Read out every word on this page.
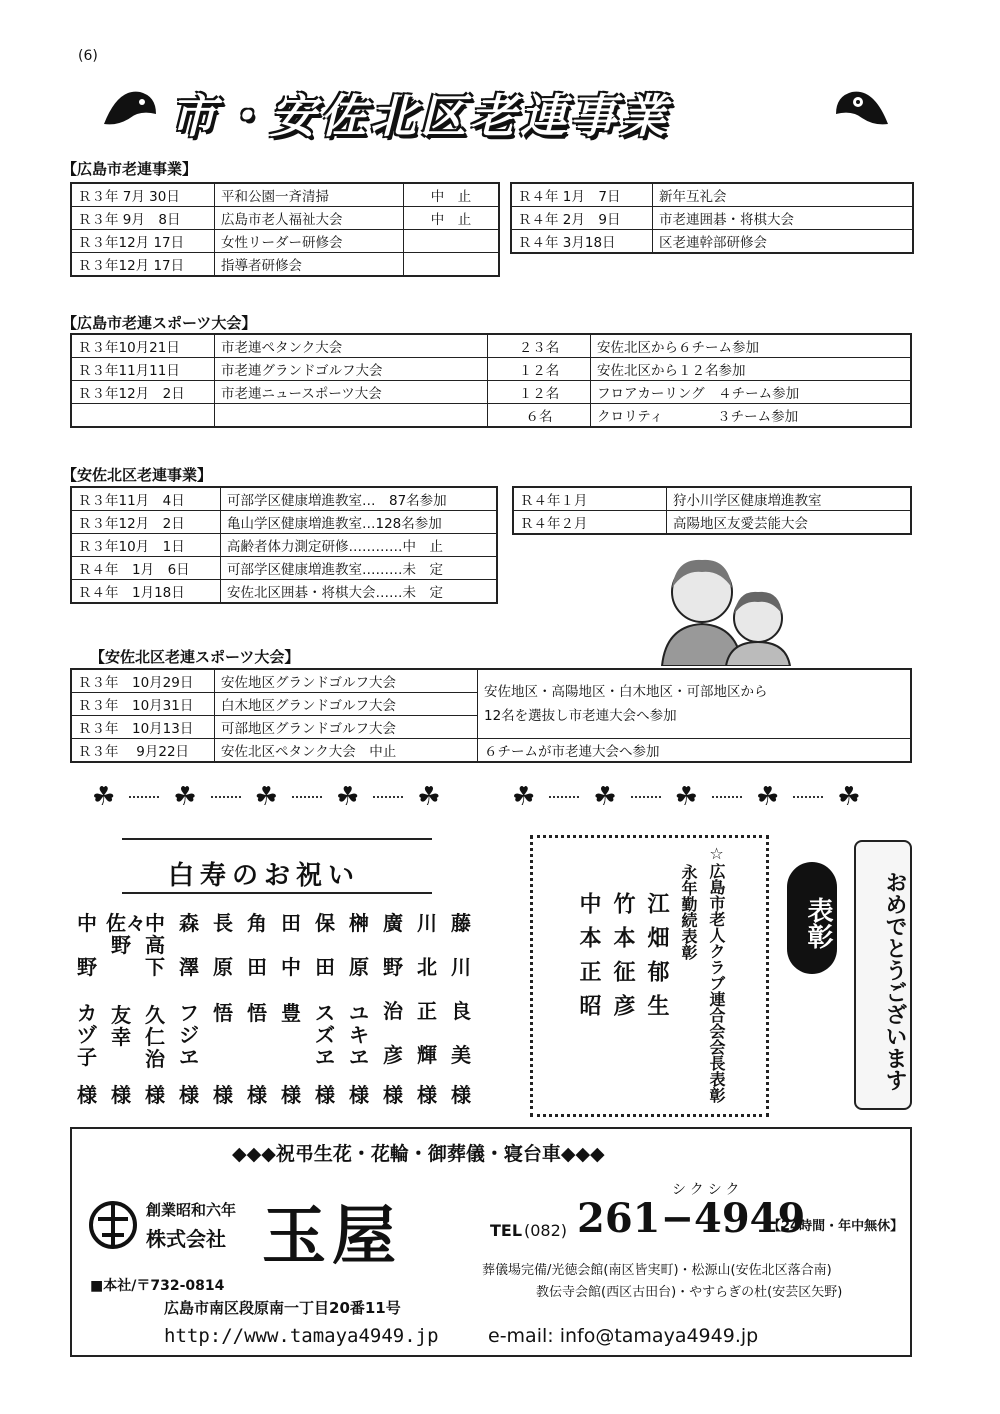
(6)
市・安佐北区老連事業
【広島市老連事業】
Ｒ３年 7月 30日	平和公園一斉清掃	中　止
Ｒ３年 9月　8日	広島市老人福祉大会	中　止
Ｒ３年12月 17日	女性リーダー研修会	
Ｒ３年12月 17日	指導者研修会	
Ｒ４年 1月　7日	新年互礼会
Ｒ４年 2月　9日	市老連囲碁・将棋大会
Ｒ４年 3月18日	区老連幹部研修会
【広島市老連スポーツ大会】
Ｒ３年10月21日	市老連ペタンク大会	２３名	安佐北区から６チーム参加
Ｒ３年11月11日	市老連グランドゴルフ大会	１２名	安佐北区から１２名参加
Ｒ３年12月　2日	市老連ニュースポーツ大会	１２名	フロアカーリング　４チーム参加
		６名	クロリティ　　　　３チーム参加
【安佐北区老連事業】
Ｒ３年11月　4日	可部学区健康増進教室…　87名参加
Ｒ３年12月　2日	亀山学区健康増進教室…128名参加
Ｒ３年10月　1日	高齢者体力測定研修…………中　止
Ｒ４年　1月　6日	可部学区健康増進教室………未　定
Ｒ４年　1月18日	安佐北区囲碁・将棋大会……未　定
Ｒ４年１月	狩小川学区健康増進教室
Ｒ４年２月	高陽地区友愛芸能大会
【安佐北区老連スポーツ大会】
Ｒ３年　10月29日	安佐地区グランドゴルフ大会	安佐地区・高陽地区・白木地区・可部地区から
12名を選抜し市老連大会へ参加

Ｒ３年　10月31日	白木地区グランドゴルフ大会	
Ｒ３年　10月13日	可部地区グランドゴルフ大会	
Ｒ３年　 9月22日	安佐北区ペタンク大会　中止	６チームが市老連大会へ参加
☘ ☘ ☘ ☘ ☘	☘ ☘ ☘ ☘ ☘
白寿のお祝い
中
野
カヅ子
様
佐々野
友幸
様
中高下
久仁治
様
森
澤
フジヱ
様
長
原
悟
様
角
田
悟
様
田
中
豊
様
保
田
スズヱ
様
榊
原
ユキヱ
様
廣
野
治
彦
様
川
北
正
輝
様
藤
川
良
美
様	☆広島市老人クラブ連合会会長表彰
永年勤続表彰
江畑郁生
竹本征彦
中本正昭	表彰	おめでとうございます
◆◆◆祝弔生花・花輪・御葬儀・寝台車◆◆◆
創業昭和六年
株式会社 玉屋	TEL (082)
シクシク
261−4949
【24時間・年中無休】
葬儀場完備/光徳会館(南区皆実町)・松源山(安佐北区落合南)
教伝寺会館(西区古田台)・やすらぎの杜(安芸区矢野)
■本社/〒732-0814
広島市南区段原南一丁目20番11号
http://www.tamaya4949.jp	e-mail: info@tamaya4949.jp
